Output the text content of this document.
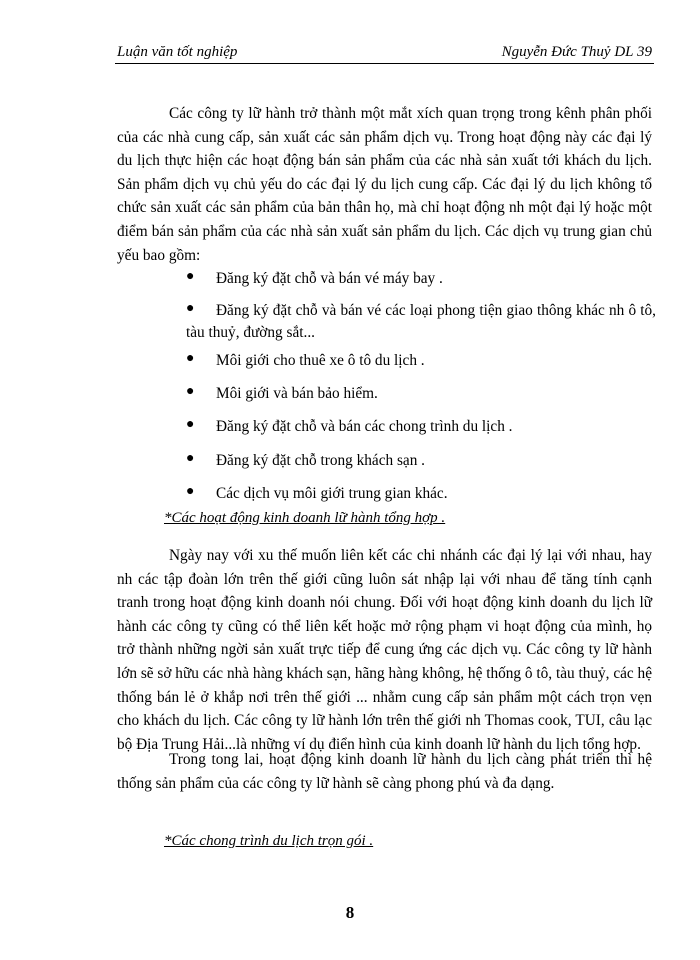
Luận văn tốt nghiệp	Nguyễn Đức Thuỷ DL 39

Các công ty lữ hành trở thành một mắt xích quan trọng trong kênh phân phối của các nhà cung cấp, sản xuất các sản phẩm dịch vụ. Trong hoạt động này các đại lý du lịch thực hiện các hoạt động bán sản phẩm của các nhà sản xuất tới khách du lịch. Sản phẩm dịch vụ chủ yếu do các đại lý du lịch cung cấp. Các đại lý du lịch không tổ chức sản xuất các sản phẩm của bản thân họ, mà chỉ hoạt động nh một đại lý hoặc một điểm bán sản phẩm của các nhà sản xuất sản phẩm du lịch. Các dịch vụ trung gian chủ yếu bao gồm:

● Đăng ký đặt chỗ và bán vé máy bay .
●	Đăng ký đặt chỗ và bán vé các loại phong tiện giao thông khác nh ô tô, tàu thuỷ, đường sắt...
● Môi giới cho thuê xe ô tô du lịch .
● Môi giới và bán bảo hiểm.
● Đăng ký đặt chỗ và bán các chong trình du lịch .
● Đăng ký đặt chỗ trong khách sạn .
● Các dịch vụ môi giới trung gian khác.
*Các hoạt động kinh doanh lữ hành tổng hợp .

Ngày nay với xu thế muốn liên kết các chi nhánh các đại lý lại với nhau, hay nh các tập đoàn lớn trên thế giới cũng luôn sát nhập lại với nhau để tăng tính cạnh tranh trong hoạt động kinh doanh nói chung. Đối với hoạt động kinh doanh du lịch lữ hành các công ty cũng có thể liên kết hoặc mở rộng phạm vi hoạt động của mình, họ trở thành những ngời sản xuất trực tiếp để cung ứng các dịch vụ. Các công ty lữ hành lớn sẽ sở hữu các nhà hàng khách sạn, hãng hàng không, hệ thống ô tô, tàu thuỷ, các hệ thống bán lẻ ở khắp nơi trên thế giới ... nhằm cung cấp sản phẩm một cách trọn vẹn cho khách du lịch. Các công ty lữ hành lớn trên thế giới nh Thomas cook, TUI, câu lạc bộ Địa Trung Hải...là những ví dụ điển hình của kinh doanh lữ hành du lịch tổng hợp.

Trong tong lai, hoạt động kinh doanh lữ hành du lịch càng phát triển thì hệ thống sản phẩm của các công ty lữ hành sẽ càng phong phú và đa dạng.

*Các chong trình du lịch trọn gói .
8
